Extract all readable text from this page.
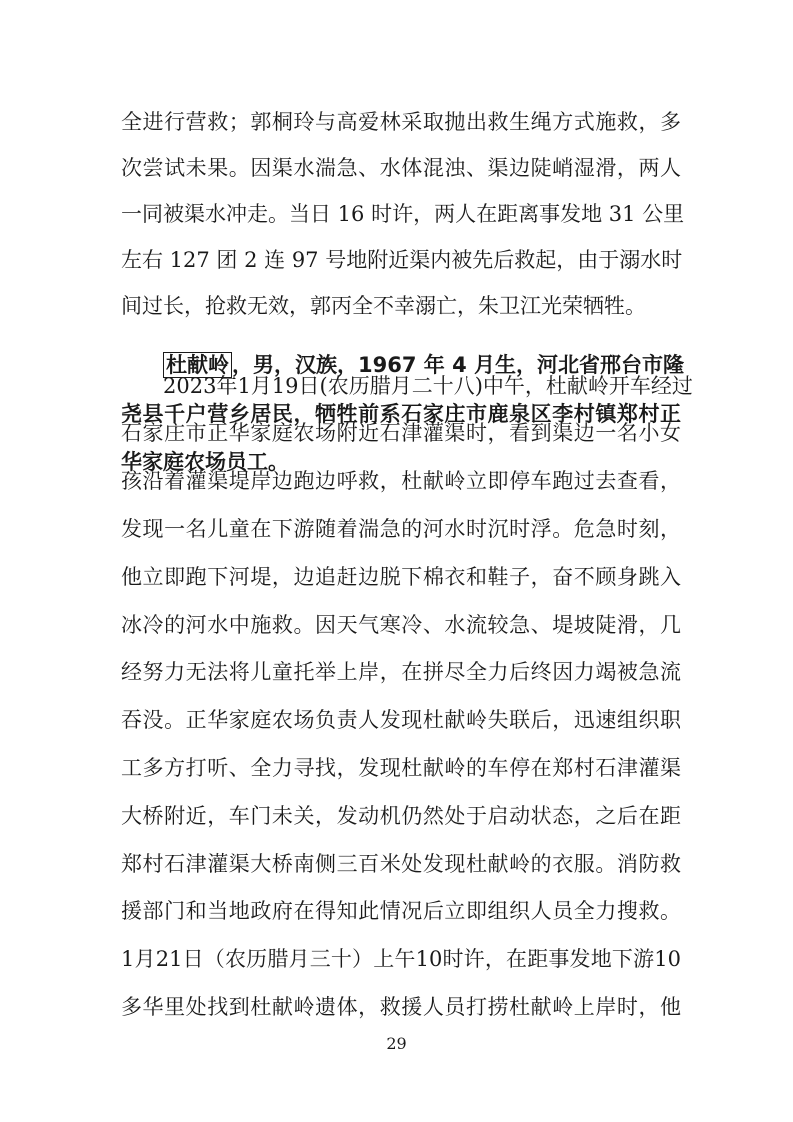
全进行营救；郭桐玲与高爱林采取抛出救生绳方式施救，多
次尝试未果。因渠水湍急、水体混浊、渠边陡峭湿滑，两人
一同被渠水冲走。当日 16 时许，两人在距离事发地 31 公里
左右 127 团 2 连 97 号地附近渠内被先后救起，由于溺水时
间过长，抢救无效，郭丙全不幸溺亡，朱卫江光荣牺牲。
杜献岭 ，男，汉族，1967 年 4 月生，河北省邢台市隆
尧县千户营乡居民，牺牲前系石家庄市鹿泉区李村镇郑村正
华家庭农场员工。
2023年1月19日(农历腊月二十八)中午，杜献岭开车经过
石家庄市正华家庭农场附近石津灌渠时，看到渠边一名小女
孩沿着灌渠堤岸边跑边呼救，杜献岭立即停车跑过去查看，
发现一名儿童在下游随着湍急的河水时沉时浮。危急时刻，
他立即跑下河堤，边追赶边脱下棉衣和鞋子，奋不顾身跳入
冰冷的河水中施救。因天气寒冷、水流较急、堤坡陡滑，几
经努力无法将儿童托举上岸，在拼尽全力后终因力竭被急流
吞没。正华家庭农场负责人发现杜献岭失联后，迅速组织职
工多方打听、全力寻找，发现杜献岭的车停在郑村石津灌渠
大桥附近，车门未关，发动机仍然处于启动状态，之后在距
郑村石津灌渠大桥南侧三百米处发现杜献岭的衣服。消防救
援部门和当地政府在得知此情况后立即组织人员全力搜救。
1月21日（农历腊月三十）上午10时许，在距事发地下游10
多华里处找到杜献岭遗体，救援人员打捞杜献岭上岸时，他
29
